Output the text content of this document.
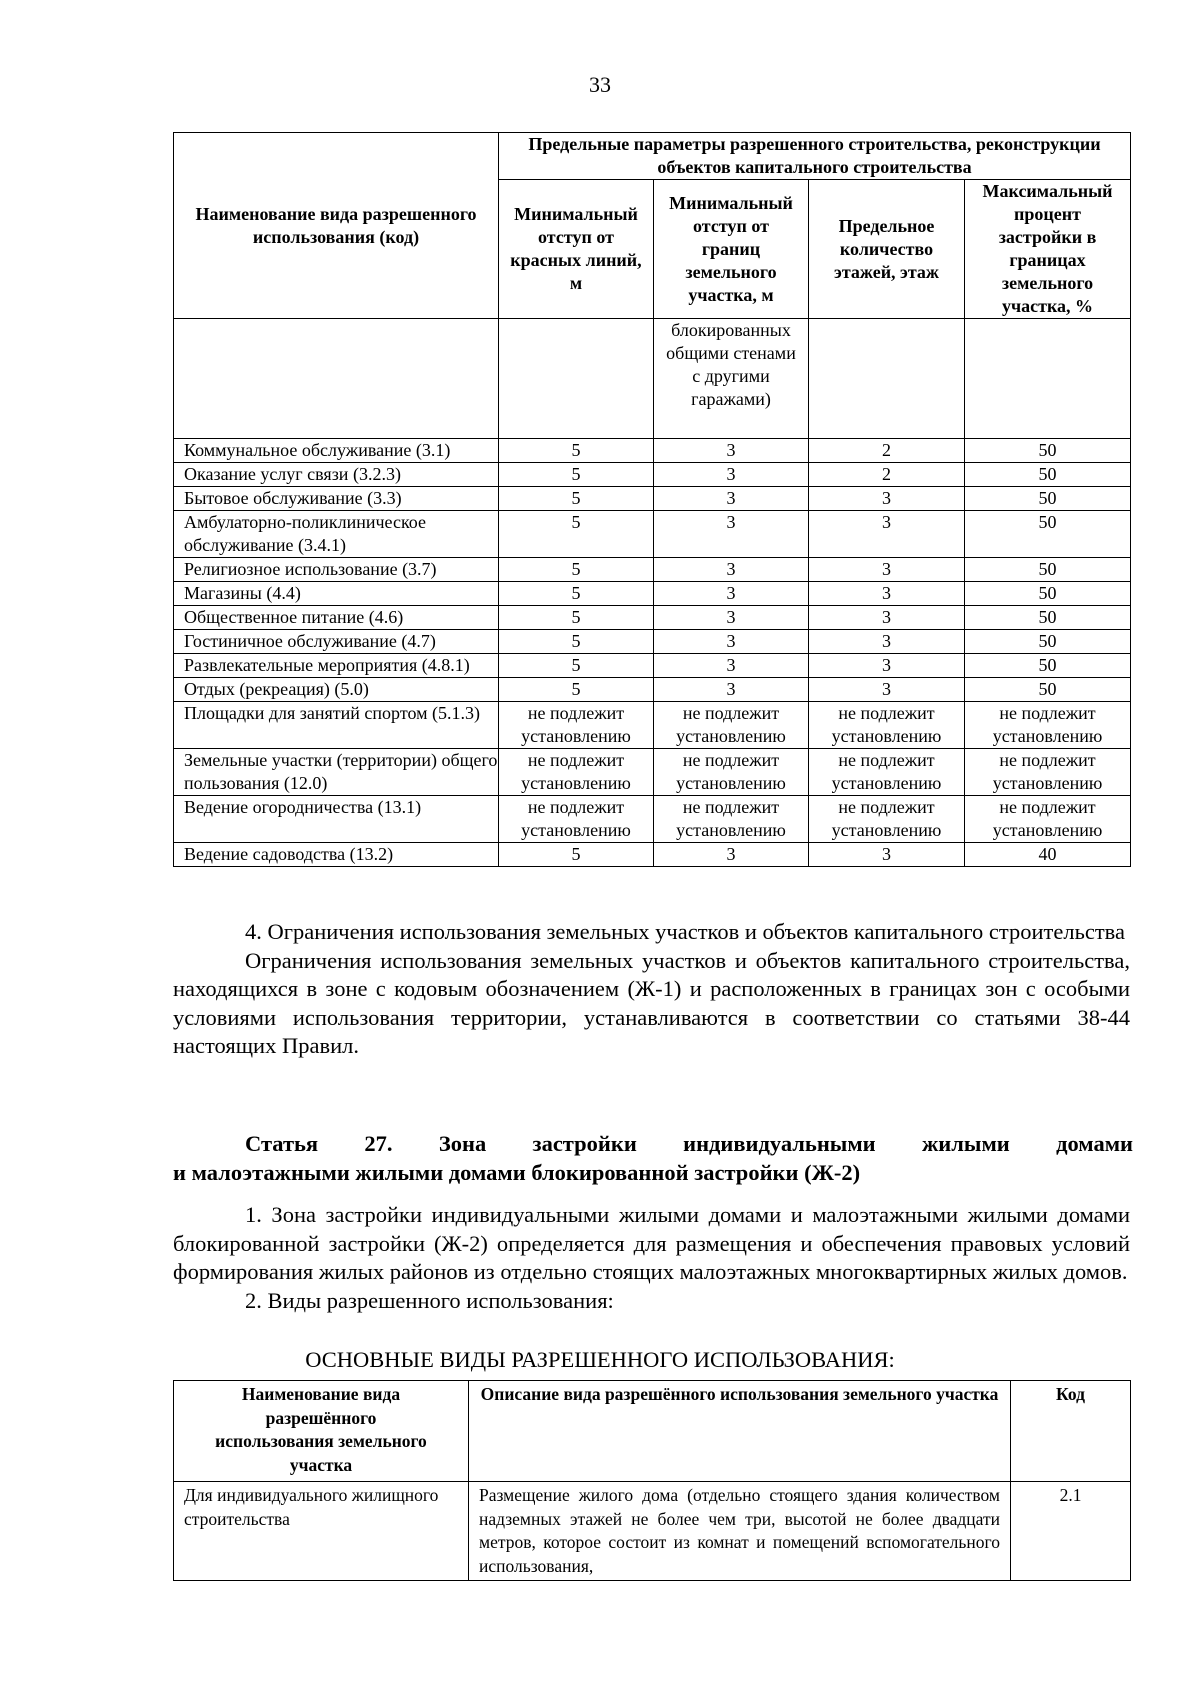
33
Наименование вида разрешенного использования (код)	Предельные параметры разрешенного строительства, реконструкции объектов капитального строительства			
	Минимальный отступ от красных линий, м	Минимальный отступ от границ земельного участка, м	Предельное количество этажей, этаж	Максимальный процент застройки в границах земельного участка, %
		блокированных общими стенами с другими гаражами)		
Коммунальное обслуживание (3.1)	5	3	2	50
Оказание услуг связи (3.2.3)	5	3	2	50
Бытовое обслуживание (3.3)	5	3	3	50
Амбулаторно-поликлиническое обслуживание (3.4.1)	5	3	3	50
Религиозное использование (3.7)	5	3	3	50
Магазины (4.4)	5	3	3	50
Общественное питание (4.6)	5	3	3	50
Гостиничное обслуживание (4.7)	5	3	3	50
Развлекательные мероприятия (4.8.1)	5	3	3	50
Отдых (рекреация) (5.0)	5	3	3	50
Площадки для занятий спортом (5.1.3)	не подлежит установлению	не подлежит установлению	не подлежит установлению	не подлежит установлению
Земельные участки (территории) общего пользования (12.0)	не подлежит установлению	не подлежит установлению	не подлежит установлению	не подлежит установлению
Ведение огородничества (13.1)	не подлежит установлению	не подлежит установлению	не подлежит установлению	не подлежит установлению
Ведение садоводства (13.2)	5	3	3	40

4. Ограничения использования земельных участков и объектов капитального строительства

Ограничения использования земельных участков и объектов капитального строительства, находящихся в зоне с кодовым обозначением (Ж-1) и расположенных в границах зон с особыми условиями использования территории, устанавливаются в соответствии со статьями 38-44 настоящих Правил.

Статья 27. Зона застройки индивидуальными жилыми домами
и малоэтажными жилыми домами блокированной застройки (Ж-2)

1. Зона застройки индивидуальными жилыми домами и малоэтажными жилыми домами блокированной застройки (Ж-2) определяется для размещения и обеспечения правовых условий формирования жилых районов из отдельно стоящих малоэтажных многоквартирных жилых домов.

2. Виды разрешенного использования:

ОСНОВНЫЕ ВИДЫ РАЗРЕШЕННОГО ИСПОЛЬЗОВАНИЯ:
Наименование вида разрешённого использования земельного участка	Описание вида разрешённого использования земельного участка	Код
Для индивидуального жилищного строительства	Размещение жилого дома (отдельно стоящего здания количеством надземных этажей не более чем три, высотой не более двадцати метров, которое состоит из комнат и помещений вспомогательного использования,	2.1
